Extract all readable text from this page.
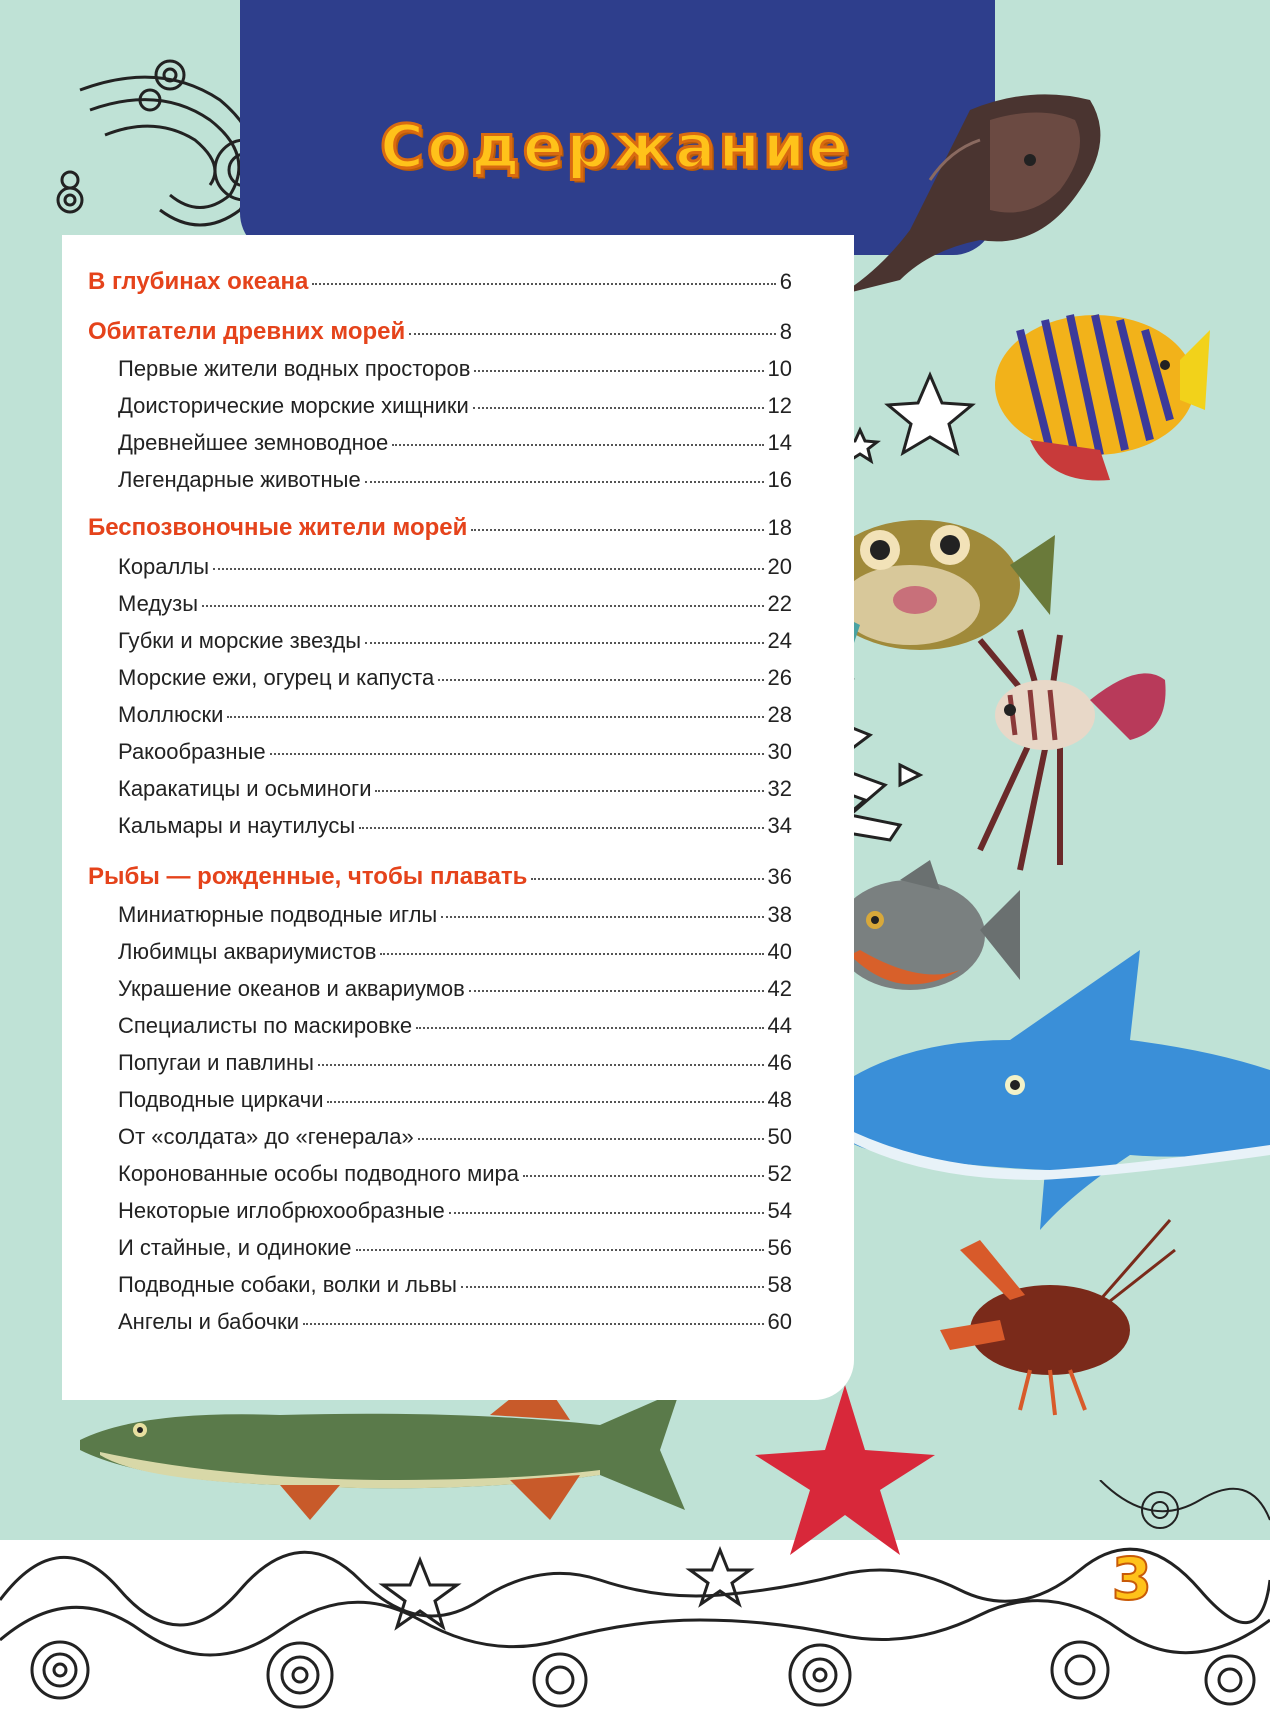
Содержание
В глубинах океана	6
Обитатели древних морей	8
Первые жители водных просторов	10
Доисторические морские хищники	12
Древнейшее земноводное	14
Легендарные животные	16
Беспозвоночные жители морей	18
Кораллы	20
Медузы	22
Губки и морские звезды	24
Морские ежи, огурец и капуста	26
Моллюски	28
Ракообразные	30
Каракатицы и осьминоги	32
Кальмары и наутилусы	34
Рыбы — рожденные, чтобы плавать	36
Миниатюрные подводные иглы	38
Любимцы аквариумистов	40
Украшение океанов и аквариумов	42
Специалисты по маскировке	44
Попугаи и павлины	46
Подводные циркачи	48
От «солдата» до «генерала»	50
Коронованные особы подводного мира	52
Некоторые иглобрюхообразные	54
И стайные, и одинокие	56
Подводные собаки, волки и львы	58
Ангелы и бабочки	60
3
